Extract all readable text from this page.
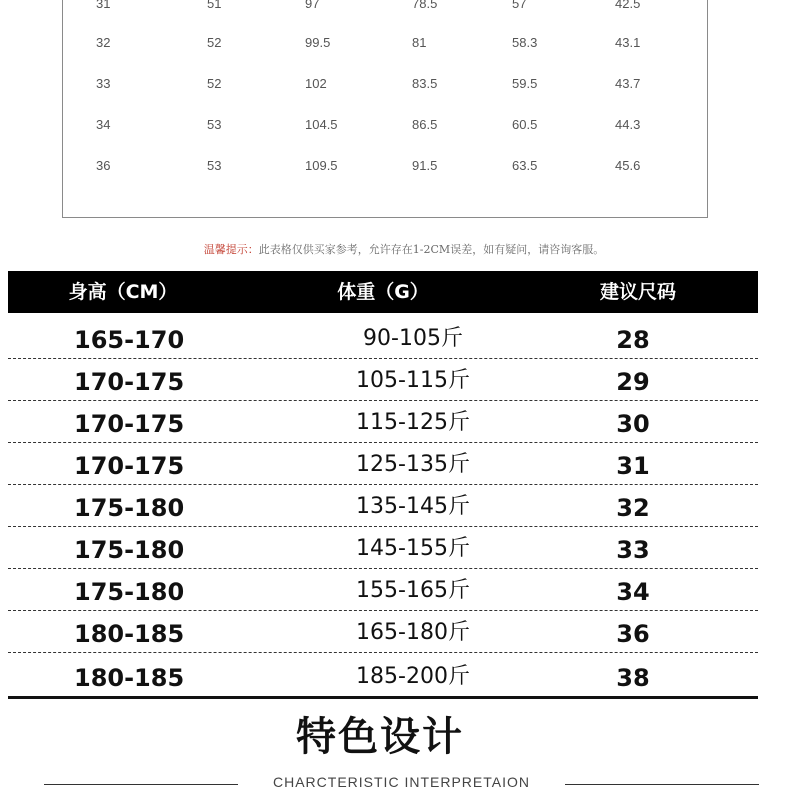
31	51	97	78.5	57	42.5
32	52	99.5	81	58.3	43.1
33	52	102	83.5	59.5	43.7
34	53	104.5	86.5	60.5	44.3
36	53	109.5	91.5	63.5	45.6
温馨提示：此表格仅供买家参考，允许存在1-2CM误差，如有疑问，请咨询客服。
身高（CM）	体重（G）	建议尺码
165-170	90-105斤	28
170-175	105-115斤	29
170-175	115-125斤	30
170-175	125-135斤	31
175-180	135-145斤	32
175-180	145-155斤	33
175-180	155-165斤	34
180-185	165-180斤	36
180-185	185-200斤	38
特色设计
CHARCTERISTIC INTERPRETAION
